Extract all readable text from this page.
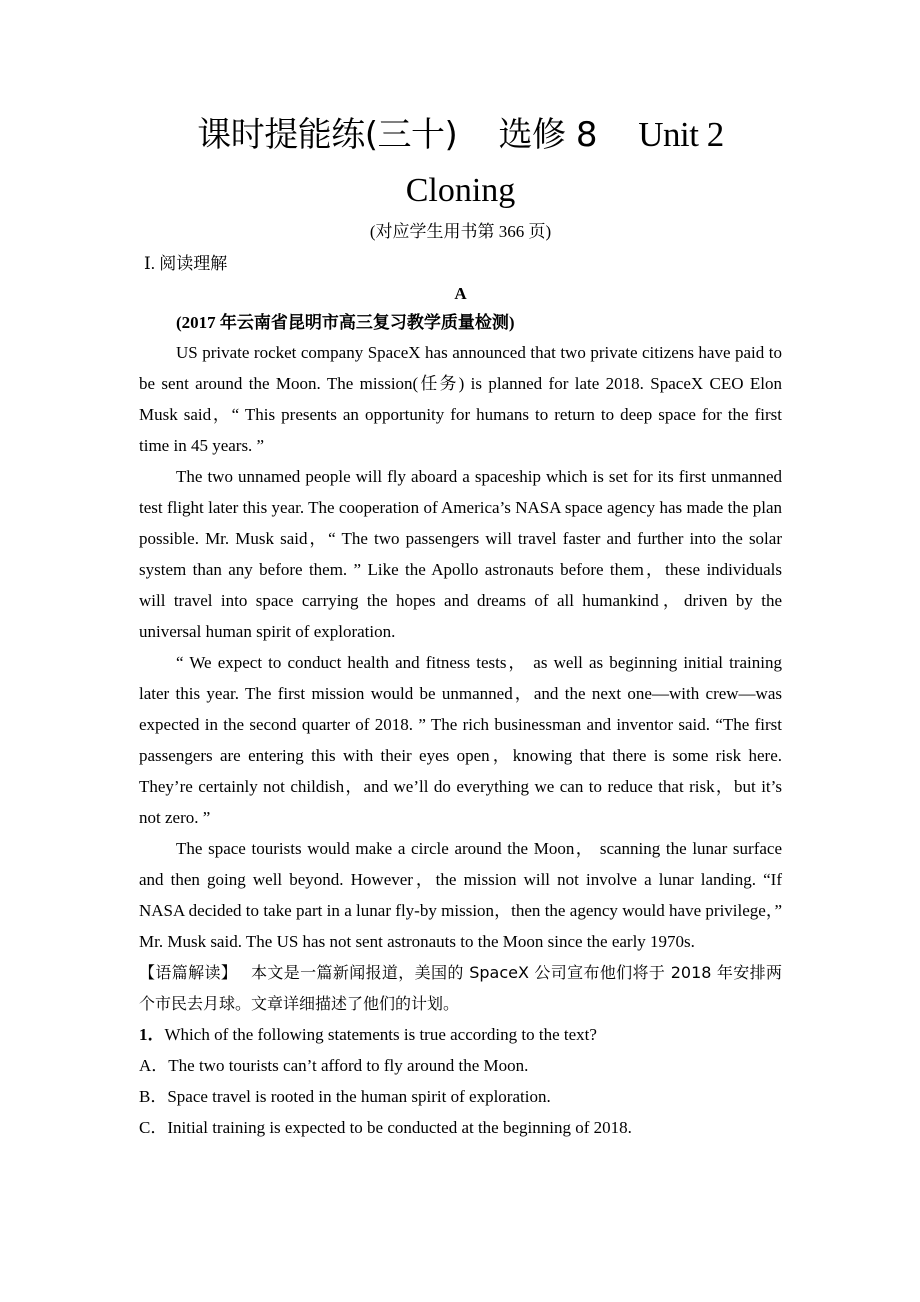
课时提能练(三十) 选修 8 Unit 2
Cloning
(对应学生用书第 366 页)
Ⅰ. 阅读理解
A
(2017 年云南省昆明市高三复习教学质量检测)

US private rocket company SpaceX has announced that two private citizens have paid to be sent around the Moon. The mission(任务) is planned for late 2018. SpaceX CEO Elon Musk said，“ This presents an opportunity for humans to return to deep space for the first time in 45 years. ”

The two unnamed people will fly aboard a spaceship which is set for its first unmanned test flight later this year. The cooperation of America’s NASA space agency has made the plan possible. Mr. Musk said，“ The two passengers will travel faster and further into the solar system than any before them. ” Like the Apollo astronauts before them，these individuals will travel into space carrying the hopes and dreams of all humankind，driven by the universal human spirit of exploration.

“ We expect to conduct health and fitness tests， as well as beginning initial training later this year. The first mission would be unmanned，and the next one—with crew—was expected in the second quarter of 2018. ” The rich businessman and inventor said. “The first passengers are entering this with their eyes open，knowing that there is some risk here. They’re certainly not childish，and we’ll do everything we can to reduce that risk，but it’s not zero. ”

The space tourists would make a circle around the Moon， scanning the lunar surface and then going well beyond. However，the mission will not involve a lunar landing. “If NASA decided to take part in a lunar fly-by mission，then the agency would have privilege，” Mr. Musk said. The US has not sent astronauts to the Moon since the early 1970s.

【语篇解读】 本文是一篇新闻报道，美国的 SpaceX 公司宣布他们将于 2018 年安排两个市民去月球。文章详细描述了他们的计划。

1．Which of the following statements is true according to the text?

A．The two tourists can’t afford to fly around the Moon.

B．Space travel is rooted in the human spirit of exploration.

C．Initial training is expected to be conducted at the beginning of 2018.
